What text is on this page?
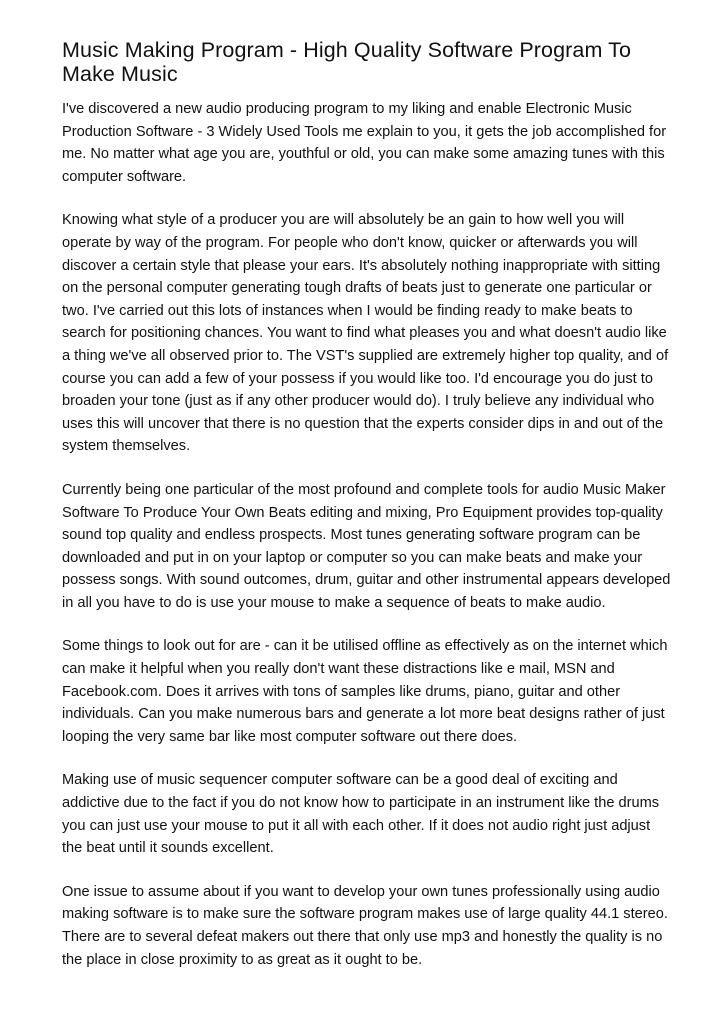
Music Making Program - High Quality Software Program To Make Music

I've discovered a new audio producing program to my liking and enable Electronic Music Production Software - 3 Widely Used Tools me explain to you, it gets the job accomplished for me. No matter what age you are, youthful or old, you can make some amazing tunes with this computer software.

Knowing what style of a producer you are will absolutely be an gain to how well you will operate by way of the program. For people who don't know, quicker or afterwards you will discover a certain style that please your ears. It's absolutely nothing inappropriate with sitting on the personal computer generating tough drafts of beats just to generate one particular or two. I've carried out this lots of instances when I would be finding ready to make beats to search for positioning chances. You want to find what pleases you and what doesn't audio like a thing we've all observed prior to. The VST's supplied are extremely higher top quality, and of course you can add a few of your possess if you would like too. I'd encourage you do just to broaden your tone (just as if any other producer would do). I truly believe any individual who uses this will uncover that there is no question that the experts consider dips in and out of the system themselves.

Currently being one particular of the most profound and complete tools for audio Music Maker Software To Produce Your Own Beats editing and mixing, Pro Equipment provides top-quality sound top quality and endless prospects. Most tunes generating software program can be downloaded and put in on your laptop or computer so you can make beats and make your possess songs. With sound outcomes, drum, guitar and other instrumental appears developed in all you have to do is use your mouse to make a sequence of beats to make audio.

Some things to look out for are - can it be utilised offline as effectively as on the internet which can make it helpful when you really don't want these distractions like e mail, MSN and Facebook.com. Does it arrives with tons of samples like drums, piano, guitar and other individuals. Can you make numerous bars and generate a lot more beat designs rather of just looping the very same bar like most computer software out there does.

Making use of music sequencer computer software can be a good deal of exciting and addictive due to the fact if you do not know how to participate in an instrument like the drums you can just use your mouse to put it all with each other. If it does not audio right just adjust the beat until it sounds excellent.

One issue to assume about if you want to develop your own tunes professionally using audio making software is to make sure the software program makes use of large quality 44.1 stereo. There are to several defeat makers out there that only use mp3 and honestly the quality is no the place in close proximity to as great as it ought to be.
